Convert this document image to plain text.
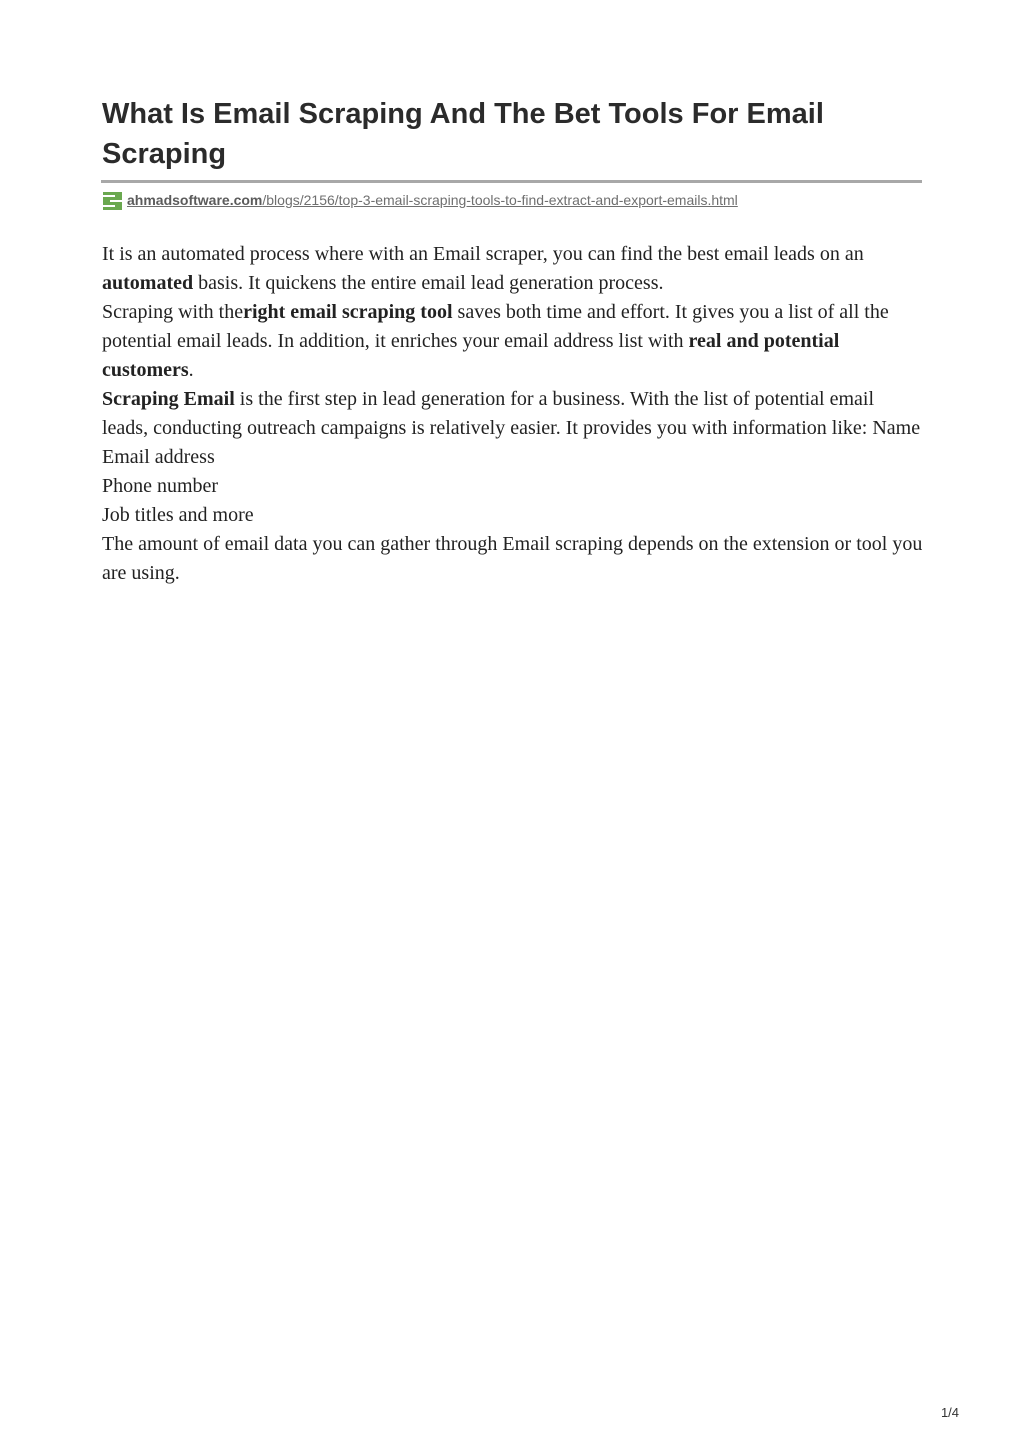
What Is Email Scraping And The Bet Tools For Email Scraping
ahmadsoftware.com/blogs/2156/top-3-email-scraping-tools-to-find-extract-and-export-emails.html

It is an automated process where with an Email scraper, you can find the best email leads on an automated basis. It quickens the entire email lead generation process.

Scraping with theright email scraping tool saves both time and effort. It gives you a list of all the potential email leads. In addition, it enriches your email address list with real and potential customers.

Scraping Email is the first step in lead generation for a business. With the list of potential email leads, conducting outreach campaigns is relatively easier. It provides you with information like: Name

Email address

Phone number

Job titles and more

The amount of email data you can gather through Email scraping depends on the extension or tool you are using.

1/4
